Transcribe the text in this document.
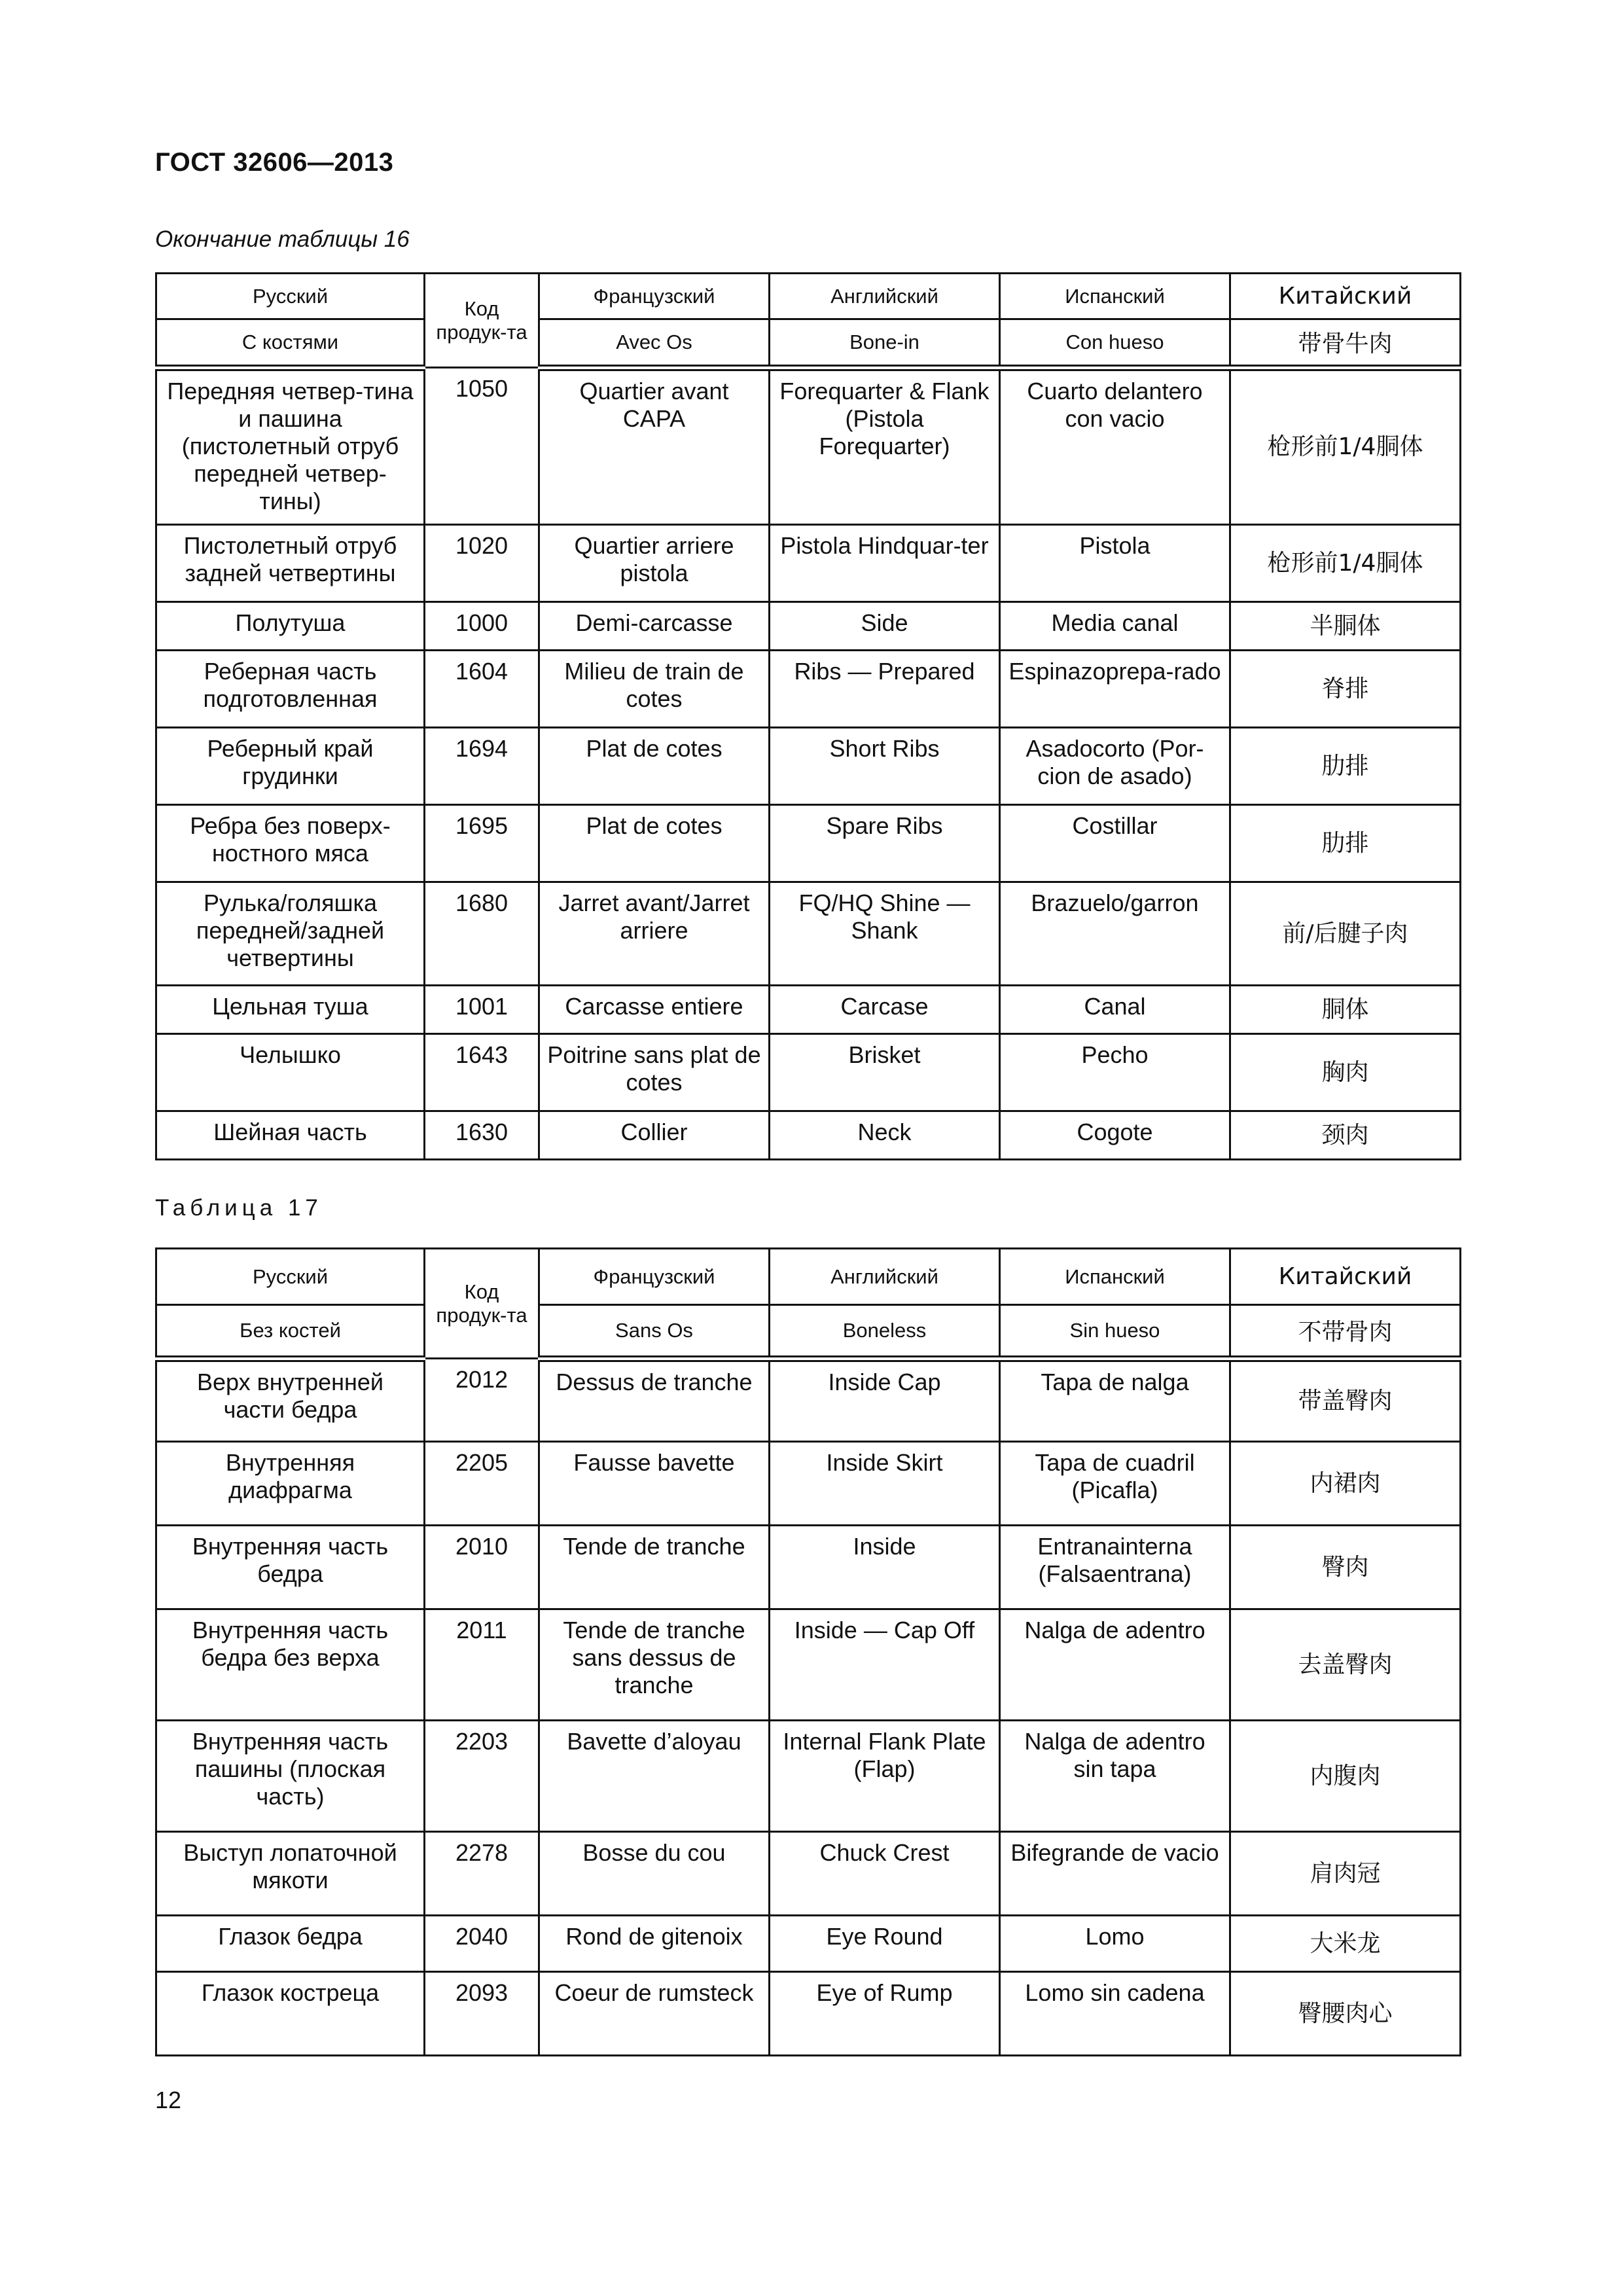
ГОСТ 32606—2013
Окончание таблицы 16
Русский	Код продук-та	Французский	Английский	Испанский	Китайский
С костями		Avec Os	Bone-in	Con hueso	带骨牛肉
Передняя четвер-тина и пашина (пистолетный отруб передней четвер-тины)	1050	Quartier avant CAPA	Forequarter & Flank (Pistola Forequarter)	Cuarto delantero con vacio	枪形前1/4胴体
Пистолетный отруб задней четвертины	1020	Quartier arriere pistola	Pistola Hindquar-ter	Pistola	枪形前1/4胴体
Полутуша	1000	Demi-carcasse	Side	Media canal	半胴体
Реберная часть подготовленная	1604	Milieu de train de cotes	Ribs — Prepared	Espinazoprepa-rado	脊排
Реберный край грудинки	1694	Plat de cotes	Short Ribs	Asadocorto (Por-cion de asado)	肋排
Ребра без поверх-ностного мяса	1695	Plat de cotes	Spare Ribs	Costillar	肋排
Рулька/голяшка передней/задней четвертины	1680	Jarret avant/Jarret arriere	FQ/HQ Shine — Shank	Brazuelo/garron	前/后腱子肉
Цельная туша	1001	Carcasse entiere	Carcase	Canal	胴体
Челышко	1643	Poitrine sans plat de cotes	Brisket	Pecho	胸肉
Шейная часть	1630	Collier	Neck	Cogote	颈肉
Таблица 17
Русский	Код продук-та	Французский	Английский	Испанский	Китайский
Без костей		Sans Os	Boneless	Sin hueso	不带骨肉
Верх внутренней части бедра	2012	Dessus de tranche	Inside Cap	Tapa de nalga	带盖臀肉
Внутренняя диафрагма	2205	Fausse bavette	Inside Skirt	Tapa de cuadril (Picafla)	内裙肉
Внутренняя часть бедра	2010	Tende de tranche	Inside	Entranainterna (Falsaentrana)	臀肉
Внутренняя часть бедра без верха	2011	Tende de tranche sans dessus de tranche	Inside — Cap Off	Nalga de adentro	去盖臀肉
Внутренняя часть пашины (плоская часть)	2203	Bavette d’aloyau	Internal Flank Plate (Flap)	Nalga de adentro sin tapa	内腹肉
Выступ лопаточной мякоти	2278	Bosse du cou	Chuck Crest	Bifegrande de vacio	肩肉冠
Глазок бедра	2040	Rond de gitenoix	Eye Round	Lomo	大米龙
Глазок костреца	2093	Coeur de rumsteck	Eye of Rump	Lomo sin cadena	臀腰肉心
12
